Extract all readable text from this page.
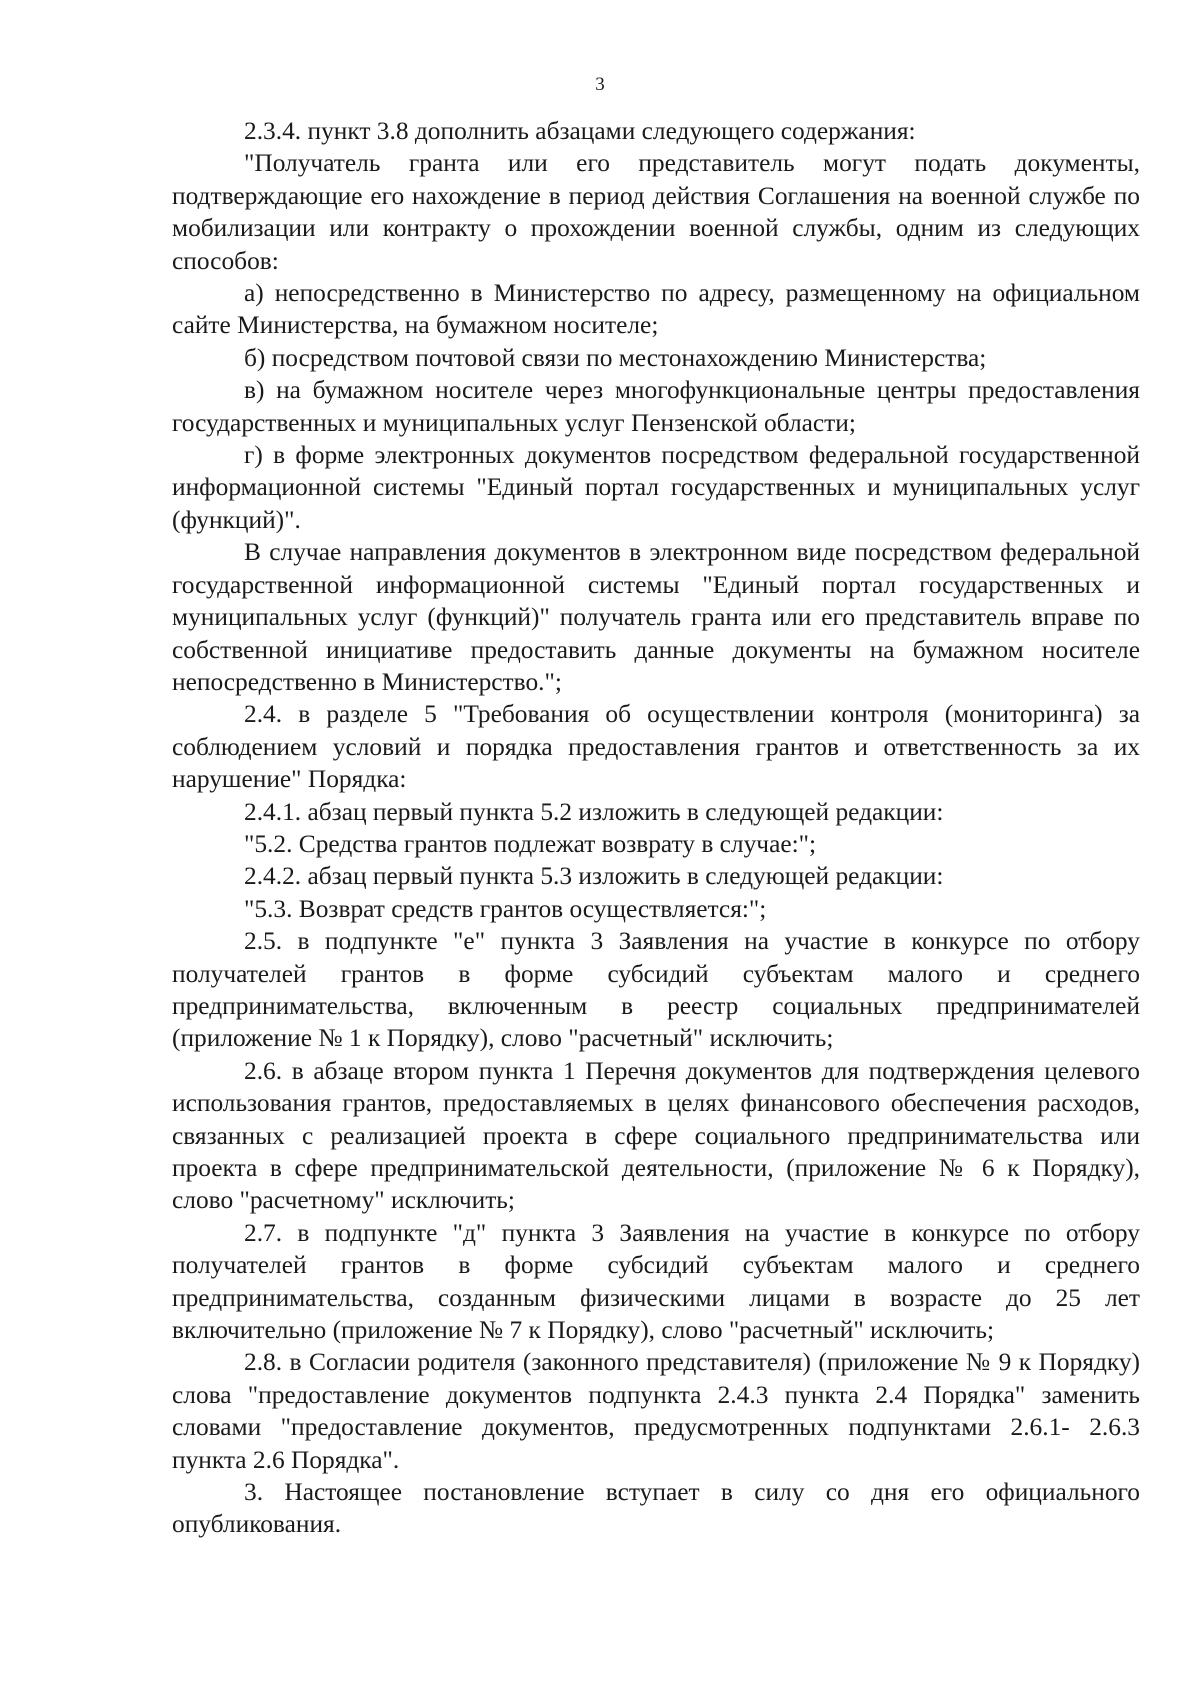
3

2.3.4. пункт 3.8 дополнить абзацами следующего содержания:

"Получатель гранта или его представитель могут подать документы, подтверждающие его нахождение в период действия Соглашения на военной службе по мобилизации или контракту о прохождении военной службы, одним из следующих способов:

а) непосредственно в Министерство по адресу, размещенному на официальном сайте Министерства, на бумажном носителе;

б) посредством почтовой связи по местонахождению Министерства;

в) на бумажном носителе через многофункциональные центры предоставления государственных и муниципальных услуг Пензенской области;

г) в форме электронных документов посредством федеральной государственной информационной системы "Единый портал государственных и муниципальных услуг (функций)".

В случае направления документов в электронном виде посредством федеральной государственной информационной системы "Единый портал государственных и муниципальных услуг (функций)" получатель гранта или его представитель вправе по собственной инициативе предоставить данные документы на бумажном носителе непосредственно в Министерство.";

2.4. в разделе 5 "Требования об осуществлении контроля (мониторинга) за соблюдением условий и порядка предоставления грантов и ответственность за их нарушение" Порядка:

2.4.1. абзац первый пункта 5.2 изложить в следующей редакции:

"5.2. Средства грантов подлежат возврату в случае:";

2.4.2. абзац первый пункта 5.3 изложить в следующей редакции:

"5.3. Возврат средств грантов осуществляется:";

2.5. в подпункте "е" пункта 3 Заявления на участие в конкурсе по отбору получателей грантов в форме субсидий субъектам малого и среднего предпринимательства, включенным в реестр социальных предпринимателей (приложение № 1 к Порядку), слово "расчетный" исключить;

2.6. в абзаце втором пункта 1 Перечня документов для подтверждения целевого использования грантов, предоставляемых в целях финансового обеспечения расходов, связанных с реализацией проекта в сфере социального предпринимательства или проекта в сфере предпринимательской деятельности, (приложение № 6 к Порядку), слово "расчетному" исключить;

2.7. в подпункте "д" пункта 3 Заявления на участие в конкурсе по отбору получателей грантов в форме субсидий субъектам малого и среднего предпринимательства, созданным физическими лицами в возрасте до 25 лет включительно (приложение № 7 к Порядку), слово "расчетный" исключить;

2.8. в Согласии родителя (законного представителя) (приложение № 9 к Порядку) слова "предоставление документов подпункта 2.4.3 пункта 2.4 Порядка" заменить словами "предоставление документов, предусмотренных подпунктами 2.6.1- 2.6.3 пункта 2.6 Порядка".

3. Настоящее постановление вступает в силу со дня его официального опубликования.
